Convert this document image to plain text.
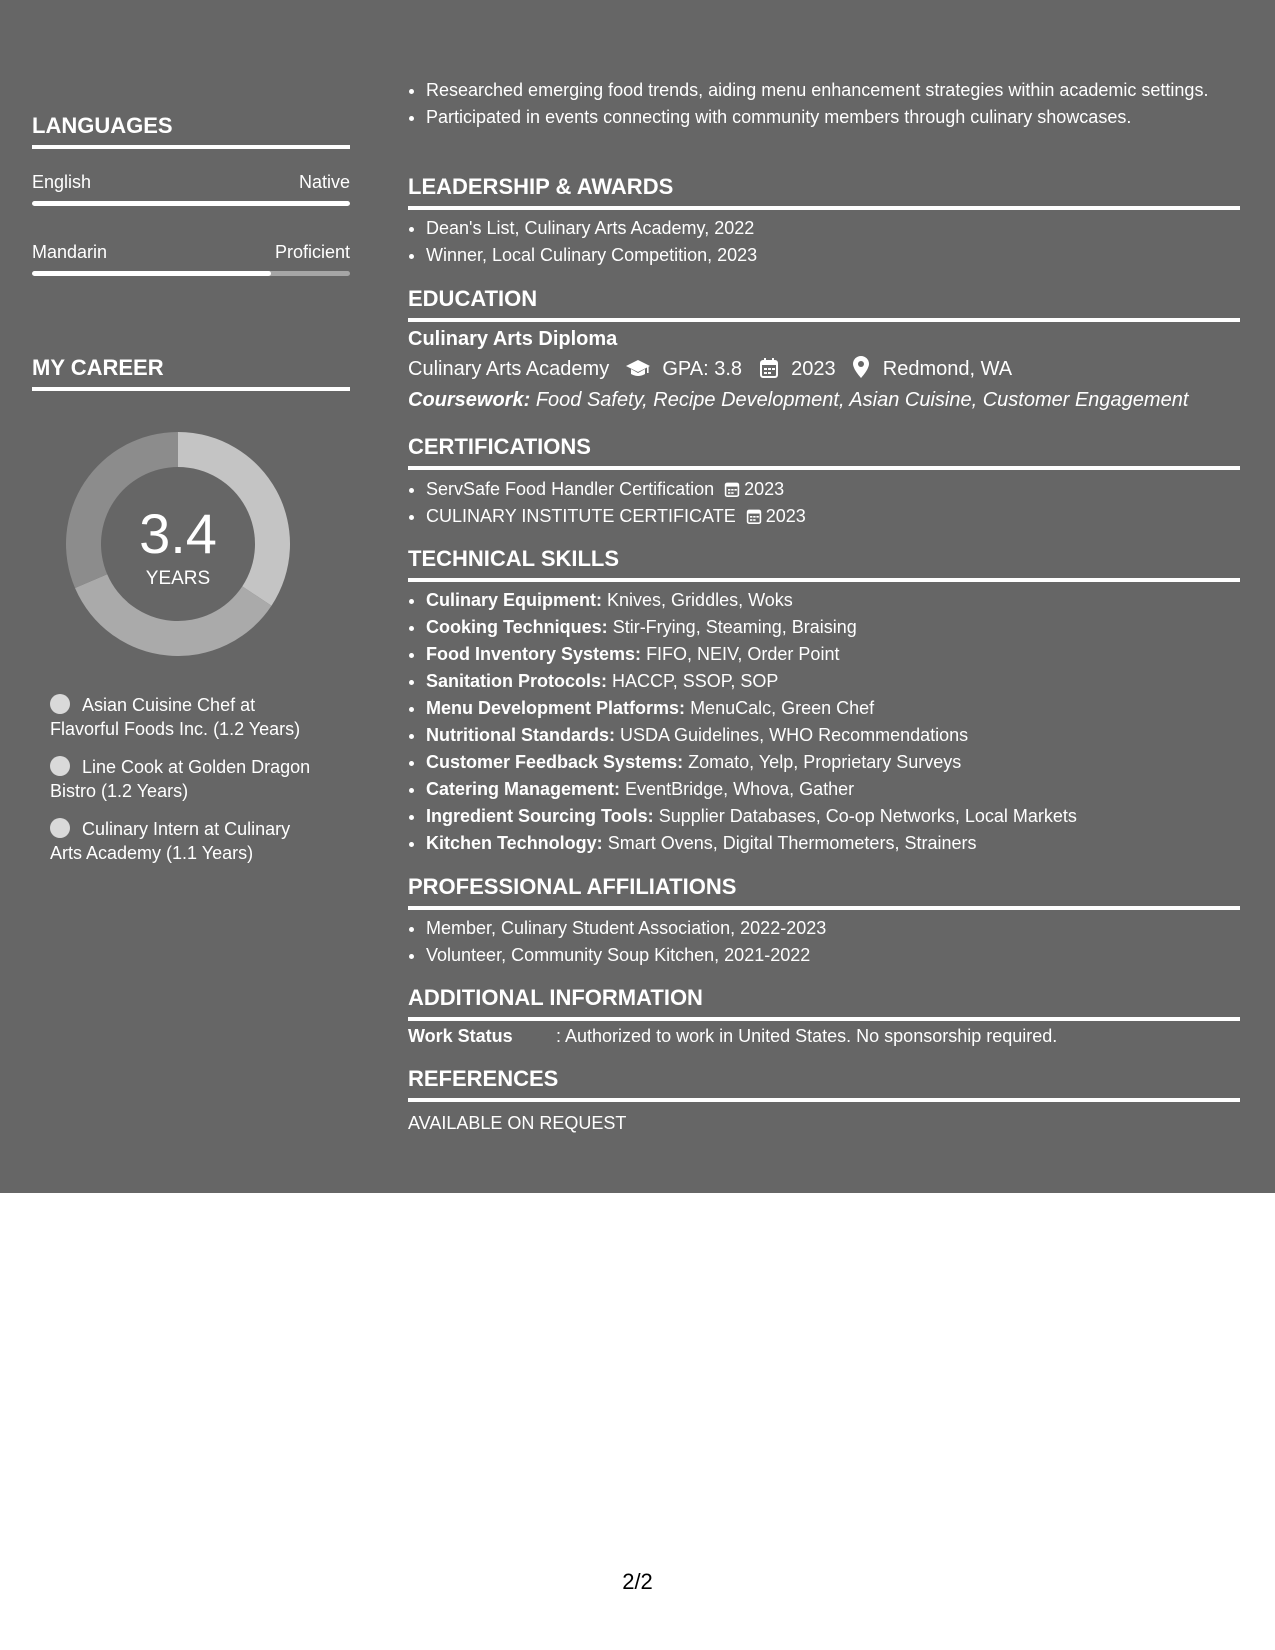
LANGUAGES
English	Native
Mandarin	Proficient
MY CAREER
3.4
YEARS
Asian Cuisine Chef at Flavorful Foods Inc. (1.2 Years)
Line Cook at Golden Dragon Bistro (1.2 Years)
Culinary Intern at Culinary Arts Academy (1.1 Years)
• Researched emerging food trends, aiding menu enhancement strategies within academic settings.
• Participated in events connecting with community members through culinary showcases.
LEADERSHIP & AWARDS
• Dean's List, Culinary Arts Academy, 2022
• Winner, Local Culinary Competition, 2023
EDUCATION
Culinary Arts Diploma
Culinary Arts Academy	GPA: 3.8 2023 Redmond, WA
Coursework: Food Safety, Recipe Development, Asian Cuisine, Customer Engagement
CERTIFICATIONS
• ServSafe Food Handler Certification 2023
• CULINARY INSTITUTE CERTIFICATE 2023
TECHNICAL SKILLS
• Culinary Equipment: Knives, Griddles, Woks
• Cooking Techniques: Stir-Frying, Steaming, Braising
• Food Inventory Systems: FIFO, NEIV, Order Point
• Sanitation Protocols: HACCP, SSOP, SOP
• Menu Development Platforms: MenuCalc, Green Chef
• Nutritional Standards: USDA Guidelines, WHO Recommendations
• Customer Feedback Systems: Zomato, Yelp, Proprietary Surveys
• Catering Management: EventBridge, Whova, Gather
• Ingredient Sourcing Tools: Supplier Databases, Co-op Networks, Local Markets
• Kitchen Technology: Smart Ovens, Digital Thermometers, Strainers
PROFESSIONAL AFFILIATIONS
• Member, Culinary Student Association, 2022-2023
• Volunteer, Community Soup Kitchen, 2021-2022
ADDITIONAL INFORMATION
Work Status : Authorized to work in United States. No sponsorship required.
REFERENCES
AVAILABLE ON REQUEST
2/2
